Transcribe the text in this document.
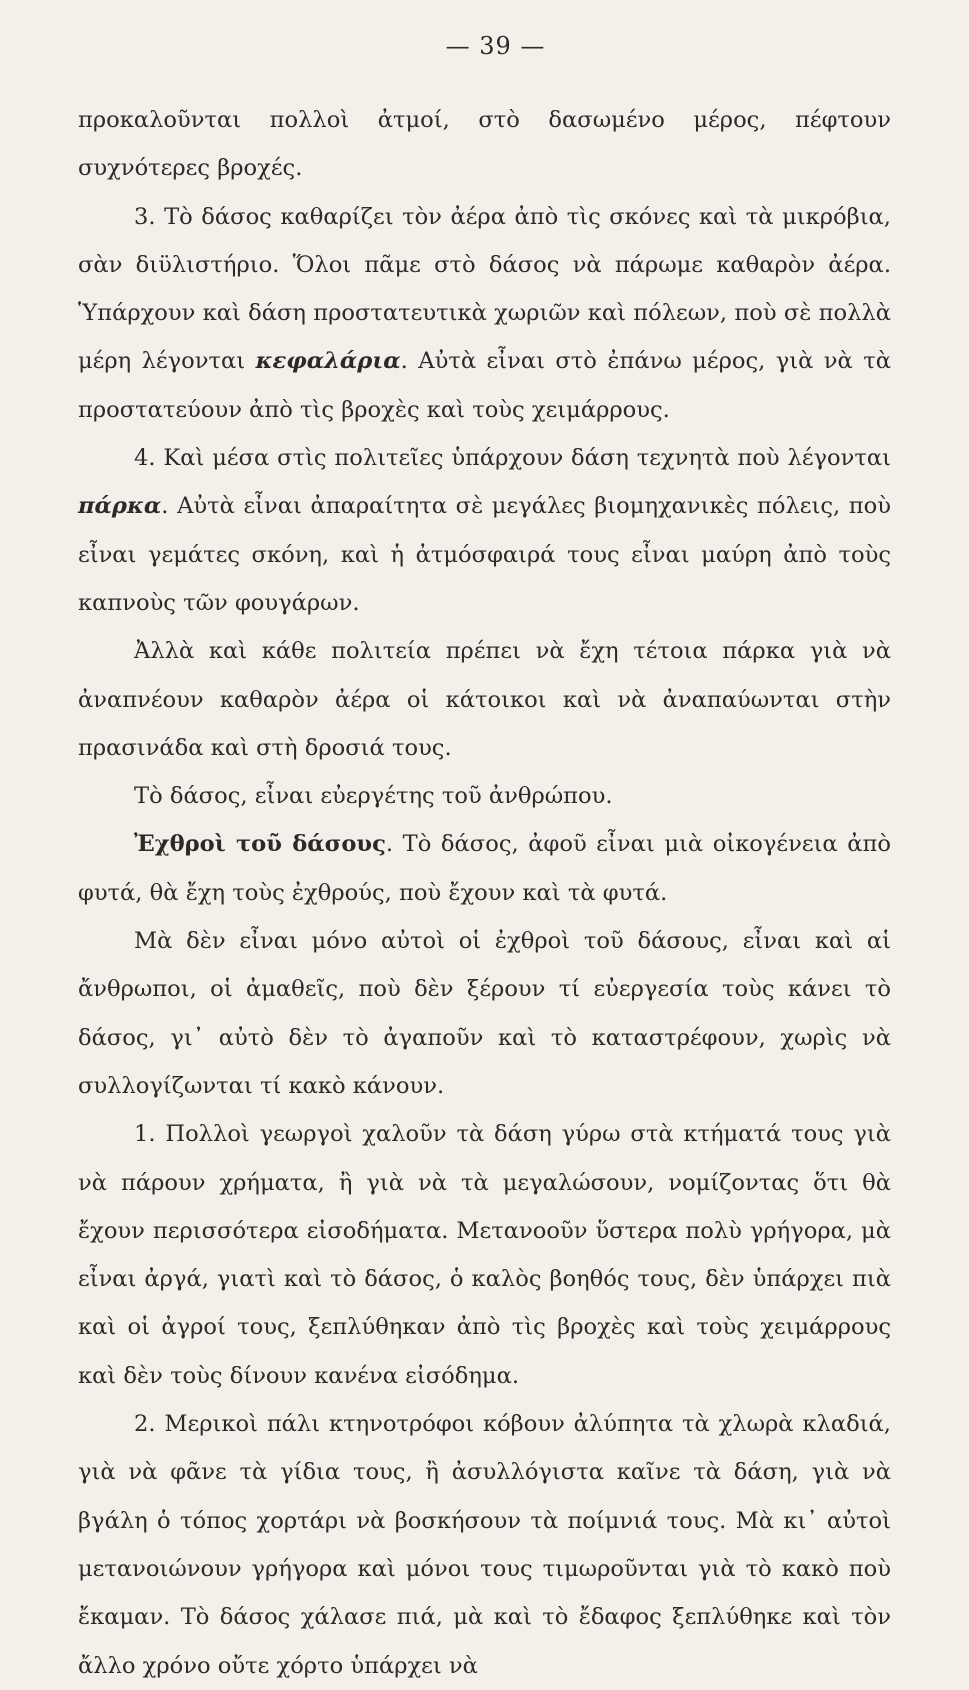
— 39 —

προκαλοῦνται πολλοὶ ἀτμοί, στὸ δασωμένο μέρος, πέφτουν συχνότερες βροχές.

3. Τὸ δάσος καθαρίζει τὸν ἀέρα ἀπὸ τὶς σκόνες καὶ τὰ μικρόβια, σὰν διϋλιστήριο. Ὅλοι πᾶμε στὸ δάσος νὰ πάρωμε καθαρὸν ἀέρα. Ὑπάρχουν καὶ δάση προστατευτικὰ χωριῶν καὶ πόλεων, ποὺ σὲ πολλὰ μέρη λέγονται κεφαλάρια. Αὐτὰ εἶναι στὸ ἐπάνω μέρος, γιὰ νὰ τὰ προστατεύουν ἀπὸ τὶς βροχὲς καὶ τοὺς χειμάρρους.

4. Καὶ μέσα στὶς πολιτεῖες ὑπάρχουν δάση τεχνητὰ ποὺ λέγονται πάρκα. Αὐτὰ εἶναι ἀπαραίτητα σὲ μεγάλες βιομηχανικὲς πόλεις, ποὺ εἶναι γεμάτες σκόνη, καὶ ἡ ἀτμόσφαιρά τους εἶναι μαύρη ἀπὸ τοὺς καπνοὺς τῶν φουγάρων.

Ἀλλὰ καὶ κάθε πολιτεία πρέπει νὰ ἔχη τέτοια πάρκα γιὰ νὰ ἀναπνέουν καθαρὸν ἀέρα οἱ κάτοικοι καὶ νὰ ἀναπαύωνται στὴν πρασινάδα καὶ στὴ δροσιά τους.

Τὸ δάσος, εἶναι εὐεργέτης τοῦ ἀνθρώπου.

Ἐχθροὶ τοῦ δάσους. Τὸ δάσος, ἀφοῦ εἶναι μιὰ οἰκογένεια ἀπὸ φυτά, θὰ ἔχη τοὺς ἐχθρούς, ποὺ ἔχουν καὶ τὰ φυτά.

Μὰ δὲν εἶναι μόνο αὐτοὶ οἱ ἐχθροὶ τοῦ δάσους, εἶναι καὶ αἱ ἄνθρωποι, οἱ ἀμαθεῖς, ποὺ δὲν ξέρουν τί εὐεργεσία τοὺς κάνει τὸ δάσος, γι᾽ αὐτὸ δὲν τὸ ἀγαποῦν καὶ τὸ καταστρέφουν, χωρὶς νὰ συλλογίζωνται τί κακὸ κάνουν.

1. Πολλοὶ γεωργοὶ χαλοῦν τὰ δάση γύρω στὰ κτήματά τους γιὰ νὰ πάρουν χρήματα, ἢ γιὰ νὰ τὰ μεγαλώσουν, νομίζοντας ὅτι θὰ ἔχουν περισσότερα εἰσοδήματα. Μετανοοῦν ὕστερα πολὺ γρήγορα, μὰ εἶναι ἀργά, γιατὶ καὶ τὸ δάσος, ὁ καλὸς βοηθός τους, δὲν ὑπάρχει πιὰ καὶ οἱ ἀγροί τους, ξεπλύθηκαν ἀπὸ τὶς βροχὲς καὶ τοὺς χειμάρρους καὶ δὲν τοὺς δίνουν κανένα εἰσόδημα.

2. Μερικοὶ πάλι κτηνοτρόφοι κόβουν ἀλύπητα τὰ χλωρὰ κλαδιά, γιὰ νὰ φᾶνε τὰ γίδια τους, ἢ ἀσυλλόγιστα καῖνε τὰ δάση, γιὰ νὰ βγάλη ὁ τόπος χορτάρι νὰ βοσκήσουν τὰ ποίμνιά τους. Μὰ κι᾽ αὐτοὶ μετανοιώνουν γρήγορα καὶ μόνοι τους τιμωροῦνται γιὰ τὸ κακὸ ποὺ ἔκαμαν. Τὸ δάσος χάλασε πιά, μὰ καὶ τὸ ἔδαφος ξεπλύθηκε καὶ τὸν ἄλλο χρόνο οὔτε χόρτο ὑπάρχει νὰ
